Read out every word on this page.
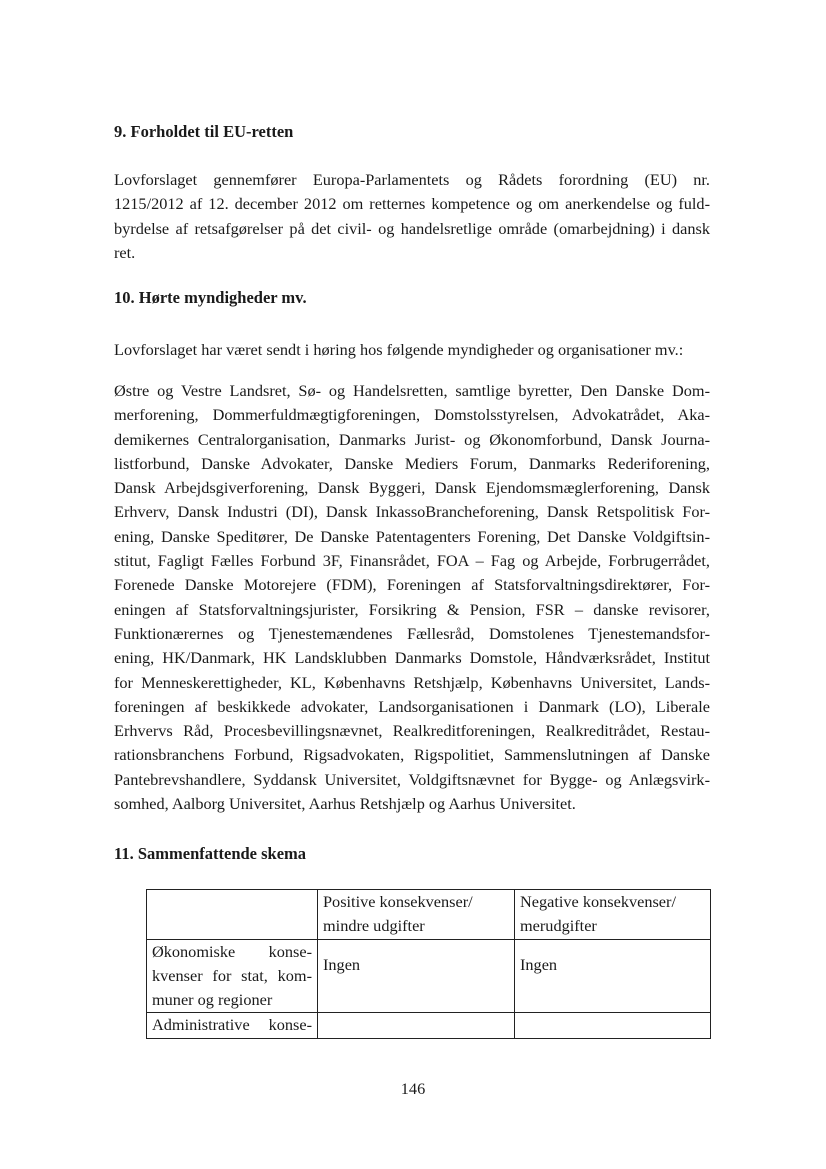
9. Forholdet til EU-retten
Lovforslaget gennemfører Europa-Parlamentets og Rådets forordning (EU) nr.
1215/2012 af 12. december 2012 om retternes kompetence og om anerkendelse og fuld-
byrdelse af retsafgørelser på det civil- og handelsretlige område (omarbejdning) i dansk
ret.
10. Hørte myndigheder mv.
Lovforslaget har været sendt i høring hos følgende myndigheder og organisationer mv.:
Østre og Vestre Landsret, Sø- og Handelsretten, samtlige byretter, Den Danske Dom-
merforening, Dommerfuldmægtigforeningen, Domstolsstyrelsen, Advokatrådet, Aka-
demikernes Centralorganisation, Danmarks Jurist- og Økonomforbund, Dansk Journa-
listforbund, Danske Advokater, Danske Mediers Forum, Danmarks Rederiforening,
Dansk Arbejdsgiverforening, Dansk Byggeri, Dansk Ejendomsmæglerforening, Dansk
Erhverv, Dansk Industri (DI), Dansk InkassoBrancheforening, Dansk Retspolitisk For-
ening, Danske Speditører, De Danske Patentagenters Forening, Det Danske Voldgiftsin-
stitut, Fagligt Fælles Forbund 3F, Finansrådet, FOA – Fag og Arbejde, Forbrugerrådet,
Forenede Danske Motorejere (FDM), Foreningen af Statsforvaltningsdirektører, For-
eningen af Statsforvaltningsjurister, Forsikring & Pension, FSR – danske revisorer,
Funktionærernes og Tjenestemændenes Fællesråd, Domstolenes Tjenestemandsfor-
ening, HK/Danmark, HK Landsklubben Danmarks Domstole, Håndværksrådet, Institut
for Menneskerettigheder, KL, Københavns Retshjælp, Københavns Universitet, Lands-
foreningen af beskikkede advokater, Landsorganisationen i Danmark (LO), Liberale
Erhvervs Råd, Procesbevillingsnævnet, Realkreditforeningen, Realkreditrådet, Restau-
rationsbranchens Forbund, Rigsadvokaten, Rigspolitiet, Sammenslutningen af Danske
Pantebrevshandlere, Syddansk Universitet, Voldgiftsnævnet for Bygge- og Anlægsvirk-
somhed, Aalborg Universitet, Aarhus Retshjælp og Aarhus Universitet.
11. Sammenfattende skema

	Positive konsekvenser/
mindre udgifter	Negative konsekvenser/
merudgifter

Økonomiske konse-
kvenser for stat, kom-
muner og regioner	Ingen	Ingen

Administrative konse-		

146
